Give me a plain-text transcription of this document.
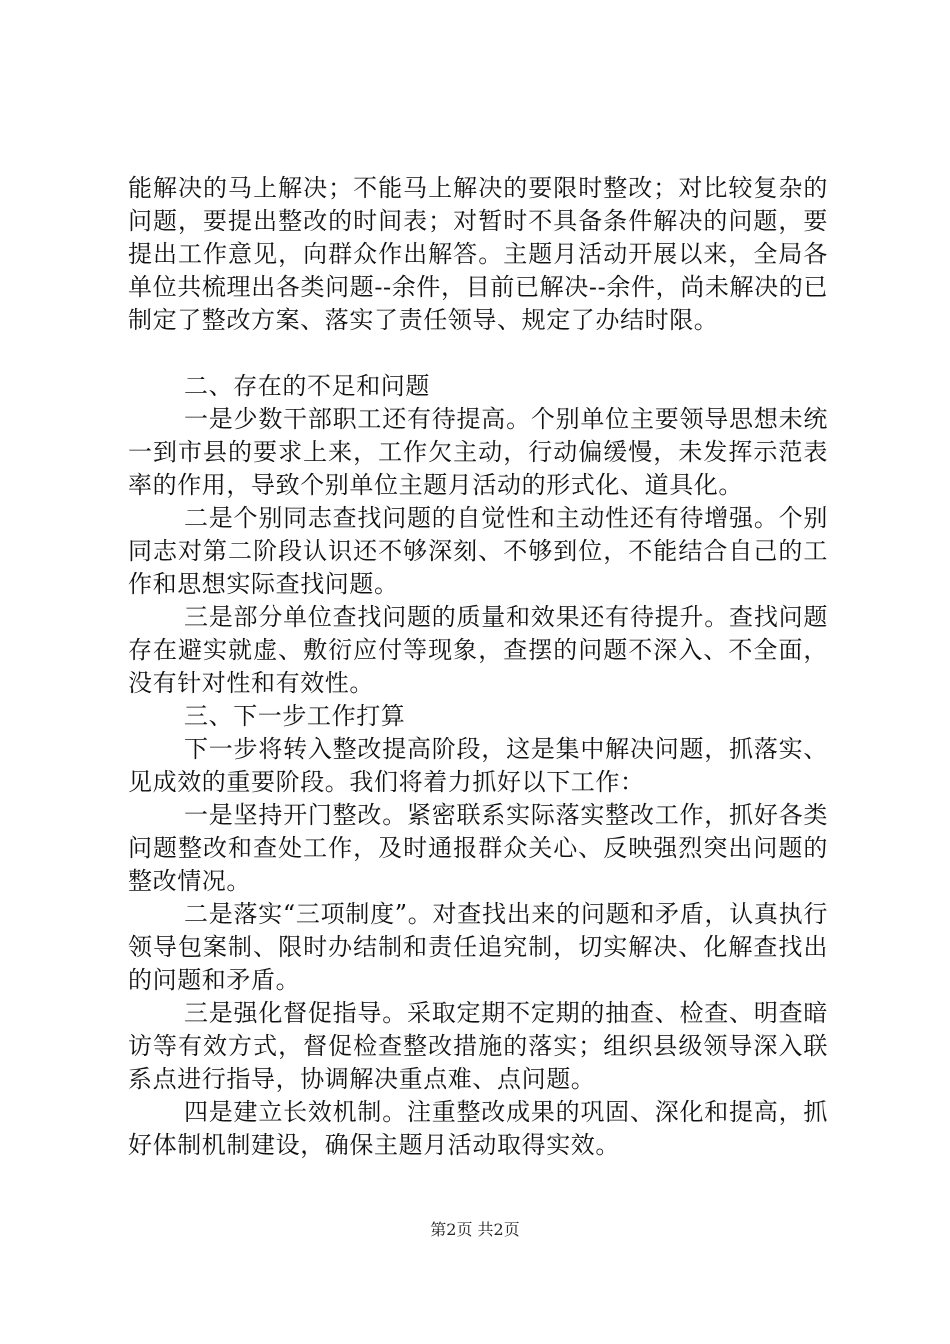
能解决的马上解决；不能马上解决的要限时整改；对比较复杂的问题，要提出整改的时间表；对暂时不具备条件解决的问题，要提出工作意见，向群众作出解答。主题月活动开展以来，全局各单位共梳理出各类问题--余件，目前已解决--余件，尚未解决的已制定了整改方案、落实了责任领导、规定了办结时限。

二、存在的不足和问题

一是少数干部职工还有待提高。个别单位主要领导思想未统一到市县的要求上来，工作欠主动，行动偏缓慢，未发挥示范表率的作用，导致个别单位主题月活动的形式化、道具化。

二是个别同志查找问题的自觉性和主动性还有待增强。个别同志对第二阶段认识还不够深刻、不够到位，不能结合自己的工作和思想实际查找问题。

三是部分单位查找问题的质量和效果还有待提升。查找问题存在避实就虚、敷衍应付等现象，查摆的问题不深入、不全面，没有针对性和有效性。

三、下一步工作打算

下一步将转入整改提高阶段，这是集中解决问题，抓落实、见成效的重要阶段。我们将着力抓好以下工作：

一是坚持开门整改。紧密联系实际落实整改工作，抓好各类问题整改和查处工作，及时通报群众关心、反映强烈突出问题的整改情况。

二是落实“三项制度”。对查找出来的问题和矛盾，认真执行领导包案制、限时办结制和责任追究制，切实解决、化解查找出的问题和矛盾。

三是强化督促指导。采取定期不定期的抽查、检查、明查暗访等有效方式，督促检查整改措施的落实；组织县级领导深入联系点进行指导，协调解决重点难、点问题。

四是建立长效机制。注重整改成果的巩固、深化和提高，抓好体制机制建设，确保主题月活动取得实效。

第2页 共2页
